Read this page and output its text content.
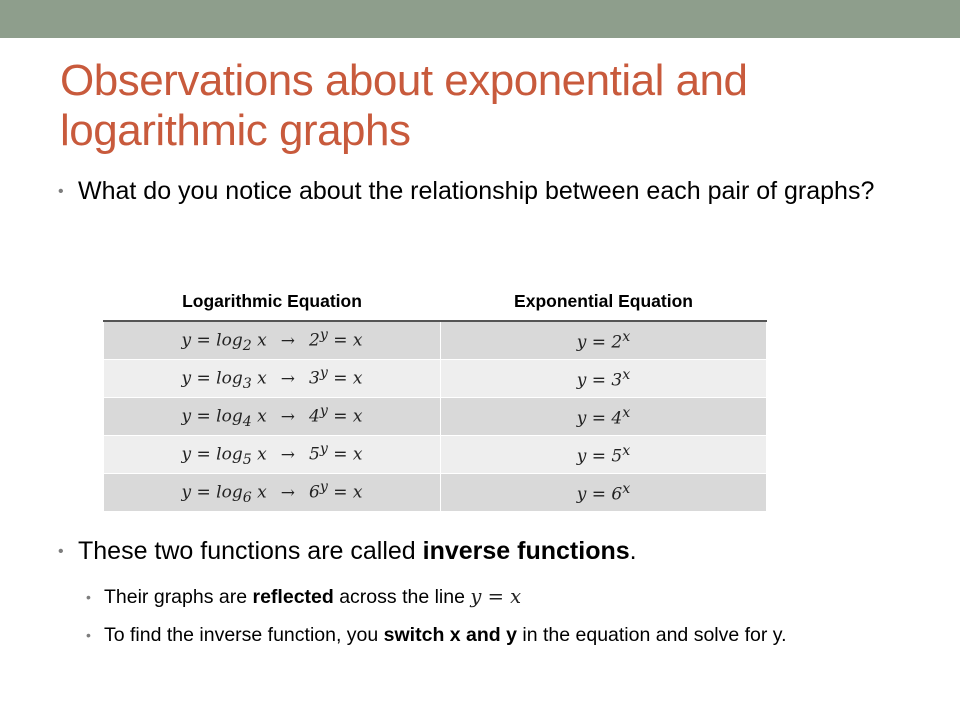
Observations about exponential and logarithmic graphs
• What do you notice about the relationship between each pair of graphs?
Logarithmic Equation	Exponential Equation
$y = \log_2 x \to 2^y = x$	$y = 2^x$
$y = \log_3 x \to 3^y = x$	$y = 3^x$
$y = \log_4 x \to 4^y = x$	$y = 4^x$
$y = \log_5 x \to 5^y = x$	$y = 5^x$
$y = \log_6 x \to 6^y = x$	$y = 6^x$
• These two functions are called inverse functions.
• Their graphs are reflected across the line y = x
• To find the inverse function, you switch x and y in the equation and solve for y.
